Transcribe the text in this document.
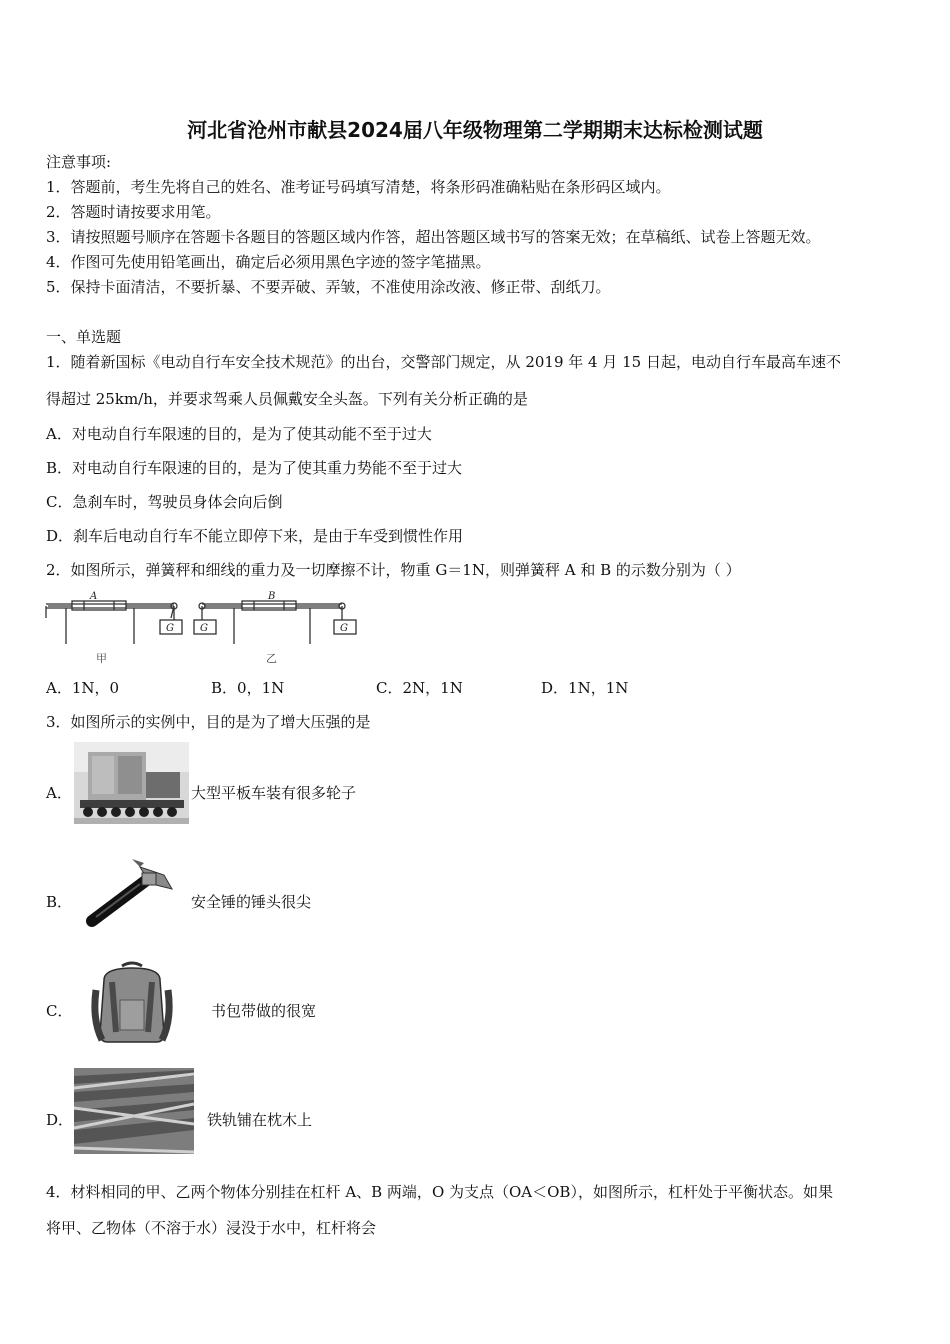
河北省沧州市献县2024届八年级物理第二学期期末达标检测试题
注意事项:
1．答题前，考生先将自己的姓名、准考证号码填写清楚，将条形码准确粘贴在条形码区域内。
2．答题时请按要求用笔。
3．请按照题号顺序在答题卡各题目的答题区域内作答，超出答题区域书写的答案无效；在草稿纸、试卷上答题无效。
4．作图可先使用铅笔画出，确定后必须用黑色字迹的签字笔描黑。
5．保持卡面清洁，不要折暴、不要弄破、弄皱，不准使用涂改液、修正带、刮纸刀。
一、单选题
1．随着新国标《电动自行车安全技术规范》的出台，交警部门规定，从 2019 年 4 月 15 日起，电动自行车最高车速不
得超过 25km/h，并要求驾乘人员佩戴安全头盔。下列有关分析正确的是
A．对电动自行车限速的目的，是为了使其动能不至于过大
B．对电动自行车限速的目的，是为了使其重力势能不至于过大
C．急刹车时，驾驶员身体会向后倒
D．刹车后电动自行车不能立即停下来，是由于车受到惯性作用
2．如图所示，弹簧秤和细线的重力及一切摩擦不计，物重 G＝1N，则弹簧秤 A 和 B 的示数分别为（ ）
A	B
G	G	G
甲	乙
A．1N，0	B．0，1N	C．2N，1N	D．1N，1N
3．如图所示的实例中，目的是为了增大压强的是
A．	大型平板车装有很多轮子
B．	安全锤的锤头很尖
C．	书包带做的很宽
D．	铁轨铺在枕木上
4．材料相同的甲、乙两个物体分别挂在杠杆 A、B 两端，O 为支点（OA＜OB），如图所示，杠杆处于平衡状态。如果
将甲、乙物体（不溶于水）浸没于水中，杠杆将会
